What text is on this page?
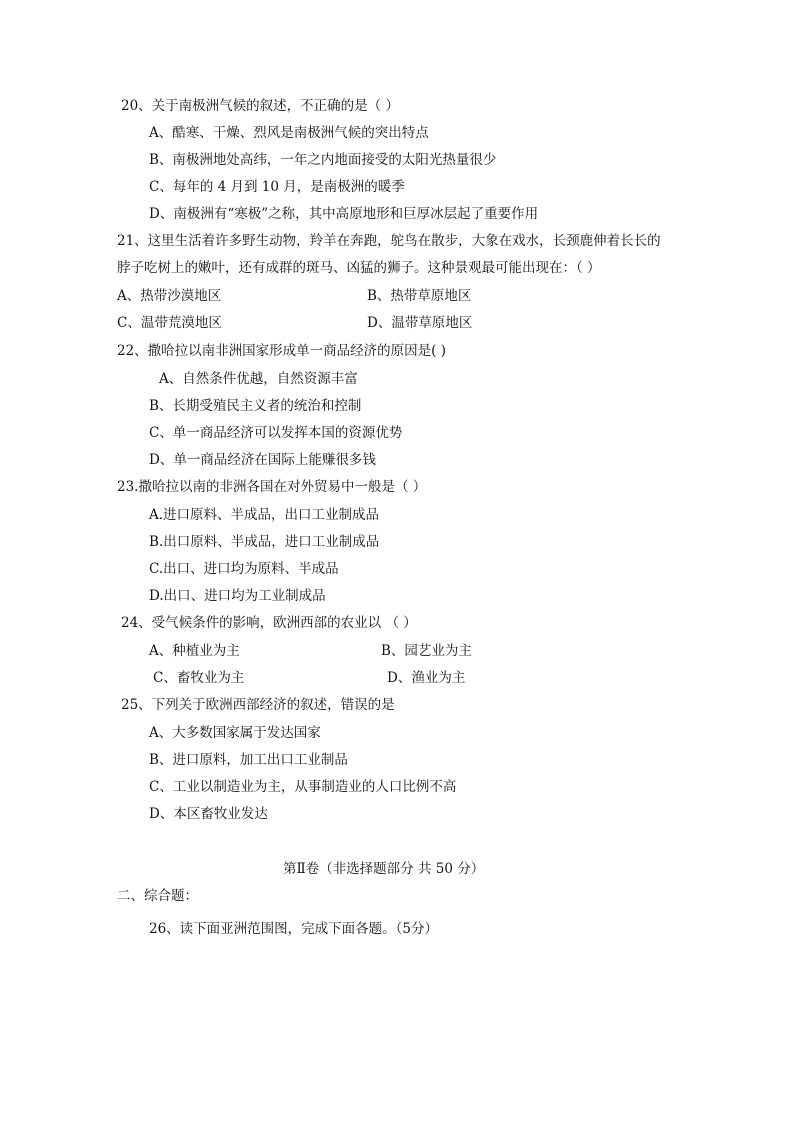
20、关于南极洲气候的叙述，不正确的是（ ）
A、酷寒、干燥、烈风是南极洲气候的突出特点
B、南极洲地处高纬，一年之内地面接受的太阳光热量很少
C、每年的 4 月到 10 月，是南极洲的暖季
D、南极洲有“寒极”之称，其中高原地形和巨厚冰层起了重要作用
21、这里生活着许多野生动物，羚羊在奔跑，鸵鸟在散步，大象在戏水，长颈鹿伸着长长的
脖子吃树上的嫩叶，还有成群的斑马、凶猛的狮子。这种景观最可能出现在：（ ）
A、热带沙漠地区	B、热带草原地区
C、温带荒漠地区	D、温带草原地区
22、撒哈拉以南非洲国家形成单一商品经济的原因是( )
A、自然条件优越，自然资源丰富
B、长期受殖民主义者的统治和控制
C、单一商品经济可以发挥本国的资源优势
D、单一商品经济在国际上能赚很多钱
23.撒哈拉以南的非洲各国在对外贸易中一般是（ ）
A.进口原料、半成品，出口工业制成品
B.出口原料、半成品，进口工业制成品
C.出口、进口均为原料、半成品
D.出口、进口均为工业制成品
24、受气候条件的影响，欧洲西部的农业以 （ ）
A、种植业为主	B、园艺业为主
C、畜牧业为主	D、渔业为主
25、下列关于欧洲西部经济的叙述，错误的是
A、大多数国家属于发达国家
B、进口原料，加工出口工业制品
C、工业以制造业为主，从事制造业的人口比例不高
D、本区畜牧业发达
第Ⅱ卷（非选择题部分 共 50 分）
二、综合题：
26、读下面亚洲范围图，完成下面各题。（5分）
